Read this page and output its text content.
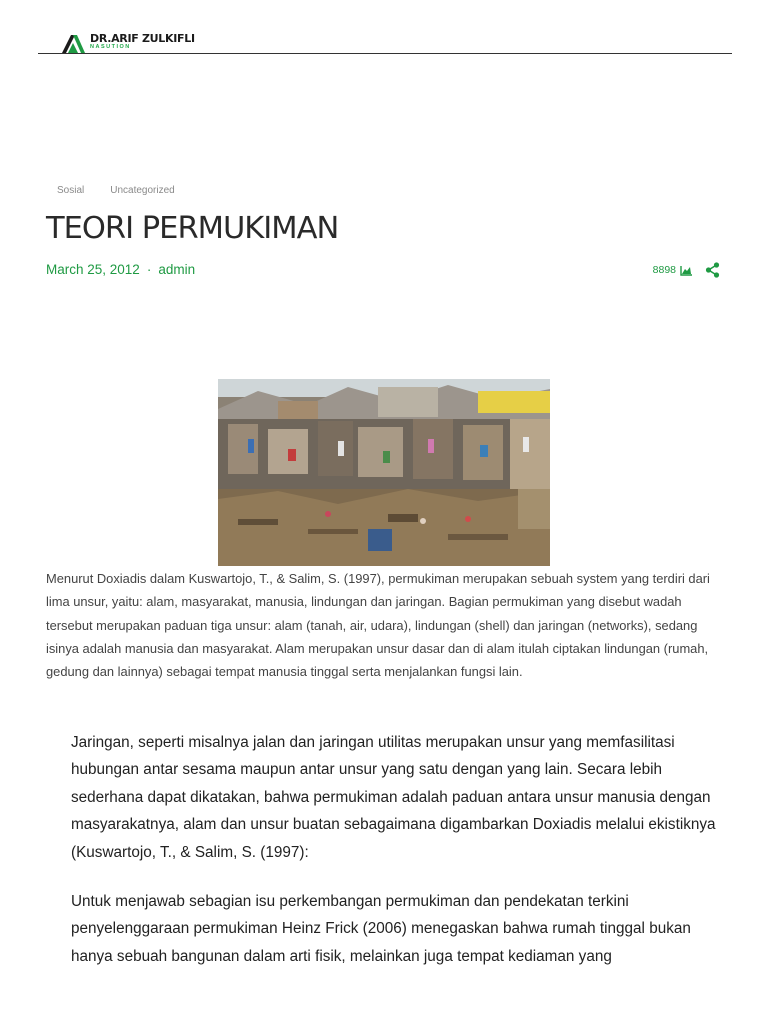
DR.ARIF ZULKIFLI
NASUTION
Sosial	Uncategorized
TEORI PERMUKIMAN
March 25, 2012 · admin	8898

Menurut Doxiadis dalam Kuswartojo, T., & Salim, S. (1997), permukiman merupakan sebuah system yang terdiri dari lima unsur, yaitu: alam, masyarakat, manusia, lindungan dan jaringan. Bagian permukiman yang disebut wadah tersebut merupakan paduan tiga unsur: alam (tanah, air, udara), lindungan (shell) dan jaringan (networks), sedang isinya adalah manusia dan masyarakat. Alam merupakan unsur dasar dan di alam itulah ciptakan lindungan (rumah, gedung dan lainnya) sebagai tempat manusia tinggal serta menjalankan fungsi lain.

Jaringan, seperti misalnya jalan dan jaringan utilitas merupakan unsur yang memfasilitasi hubungan antar sesama maupun antar unsur yang satu dengan yang lain. Secara lebih sederhana dapat dikatakan, bahwa permukiman adalah paduan antara unsur manusia dengan masyarakatnya, alam dan unsur buatan sebagaimana digambarkan Doxiadis melalui ekistiknya (Kuswartojo, T., & Salim, S. (1997):

Untuk menjawab sebagian isu perkembangan permukiman dan pendekatan terkini penyelenggaraan permukiman Heinz Frick (2006) menegaskan bahwa rumah tinggal bukan hanya sebuah bangunan dalam arti fisik, melainkan juga tempat kediaman yang
